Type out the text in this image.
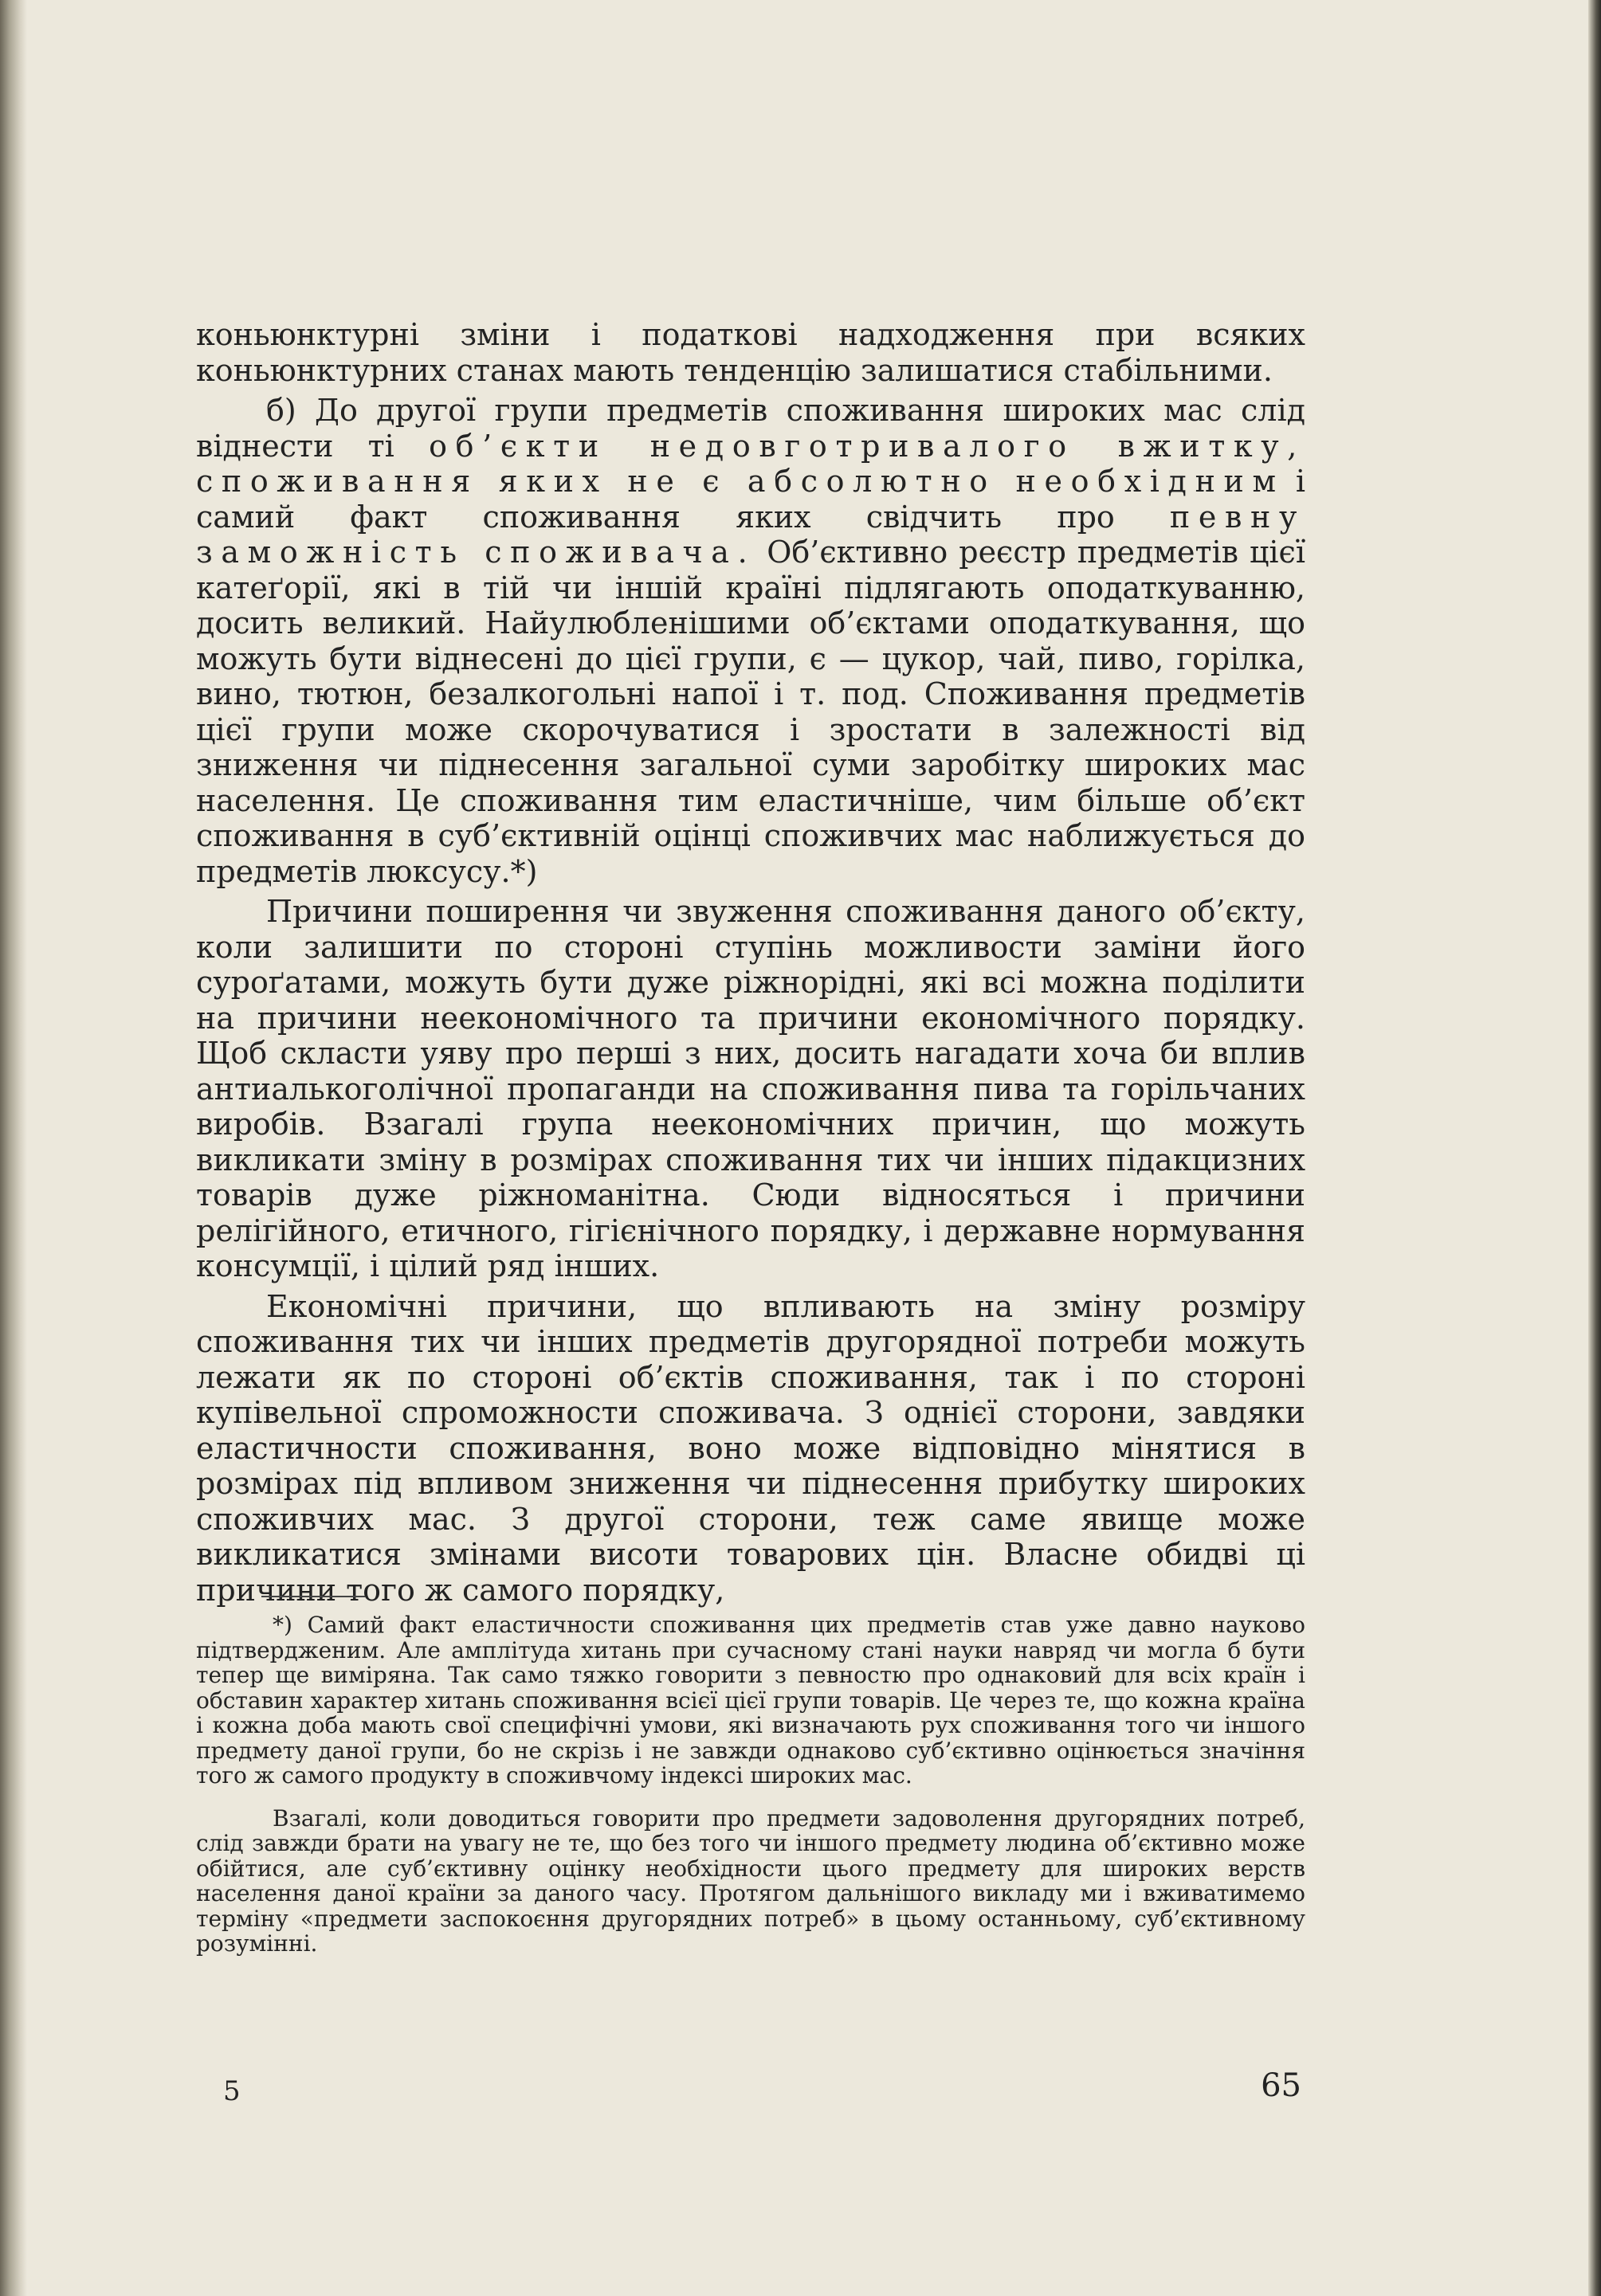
коньюнктурні зміни і податкові надходження при всяких коньюнктурних станах мають тенденцію залишатися стабільними.

б) До другої групи предметів споживання широких мас слід віднести ті об’єкти недовготривалого вжитку, споживання яких не є абсолютно необхідним і самий факт споживання яких свідчить про певну заможність споживача. Об’єктивно реєстр предметів цієї катеґорії, які в тій чи іншій країні підлягають оподаткуванню, досить великий. Найулюбленішими об’єктами оподаткування, що можуть бути віднесені до цієї групи, є — цукор, чай, пиво, горілка, вино, тютюн, безалкогольні напої і т. под. Споживання предметів цієї групи може скорочуватися і зростати в залежності від зниження чи піднесення загальної суми заробітку широких мас населення. Це споживання тим еластичніше, чим більше об’єкт споживання в суб’єктивній оцінці споживчих мас наближується до предметів люксусу.*)

Причини поширення чи звуження споживання даного об’єкту, коли залишити по стороні ступінь можливости заміни його суроґатами, можуть бути дуже ріжнорідні, які всі можна поділити на причини неекономічного та причини економічного порядку. Щоб скласти уяву про перші з них, досить нагадати хоча би вплив антиалькоголічної пропаганди на споживання пива та горільчаних виробів. Взагалі група неекономічних причин, що можуть викликати зміну в розмірах споживання тих чи інших підакцизних товарів дуже ріжноманітна. Сюди відносяться і причини релігійного, етичного, гігієнічного порядку, і державне нормування консумції, і цілий ряд інших.

Економічні причини, що впливають на зміну розміру споживання тих чи інших предметів другорядної потреби можуть лежати як по стороні об’єктів споживання, так і по стороні купівельної спроможности споживача. З однієї сторони, завдяки еластичности споживання, воно може відповідно мінятися в розмірах під впливом зниження чи піднесення прибутку широких споживчих мас. З другої сторони, теж саме явище може викликатися змінами висоти товарових цін. Власне обидві ці причини того ж самого порядку,

*) Самий факт еластичности споживання цих предметів став уже давно науково підтвердженим. Але амплітуда хитань при сучасному стані науки навряд чи могла б бути тепер ще виміряна. Так само тяжко говорити з певностю про однаковий для всіх країн і обставин характер хитань споживання всієї цієї групи товарів. Це через те, що кожна країна і кожна доба мають свої специфічні умови, які визначають рух споживання того чи іншого предмету даної групи, бо не скрізь і не завжди однаково суб’єктивно оцінюється значіння того ж самого продукту в споживчому індексі широких мас.

Взагалі, коли доводиться говорити про предмети задоволення другорядних потреб, слід завжди брати на увагу не те, що без того чи іншого предмету людина об’єктивно може обійтися, але суб’єктивну оцінку необхідности цього предмету для широких верств населення даної країни за даного часу. Протягом дальнішого викладу ми і вживатимемо терміну «предмети заспокоєння другорядних потреб» в цьому останньому, суб’єктивному розумінні.

5	65
